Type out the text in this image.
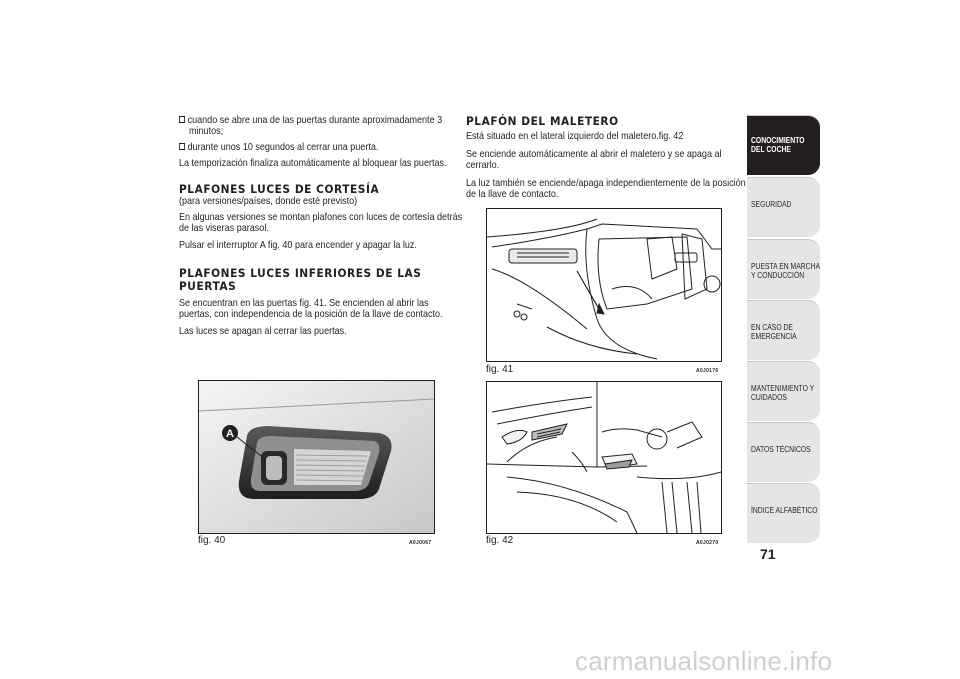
cuando se abre una de las puertas durante aproximadamente 3
minutos;
durante unos 10 segundos al cerrar una puerta.
La temporización finaliza automáticamente al bloquear las puertas.
PLAFONES LUCES DE CORTESÍA
(para versiones/países, donde esté previsto)
En algunas versiones se montan plafones con luces de cortesía detrás
de las viseras parasol.
Pulsar el interruptor A fig. 40 para encender y apagar la luz.
PLAFONES LUCES INFERIORES DE LAS
PUERTAS
Se encuentran en las puertas fig. 41. Se encienden al abrir las
puertas, con independencia de la posición de la llave de contacto.
Las luces se apagan al cerrar las puertas.
PLAFÓN DEL MALETERO
Está situado en el lateral izquierdo del maletero.fig. 42
Se enciende automáticamente al abrir el maletero y se apaga al
cerrarlo.
La luz también se enciende/apaga independientemente de la posición
de la llave de contacto.
A
fig. 40	A0J0067
fig. 41	A0J0176
fig. 42	A0J0270
CONOCIMIENTO
DEL COCHE
SEGURIDAD
PUESTA EN MARCHA
Y CONDUCCIÓN
EN CASO DE
EMERGENCIA
MANTENIMIENTO Y
CUIDADOS
DATOS TÉCNICOS
ÍNDICE ALFABÉTICO
71
carmanualsonline.info
